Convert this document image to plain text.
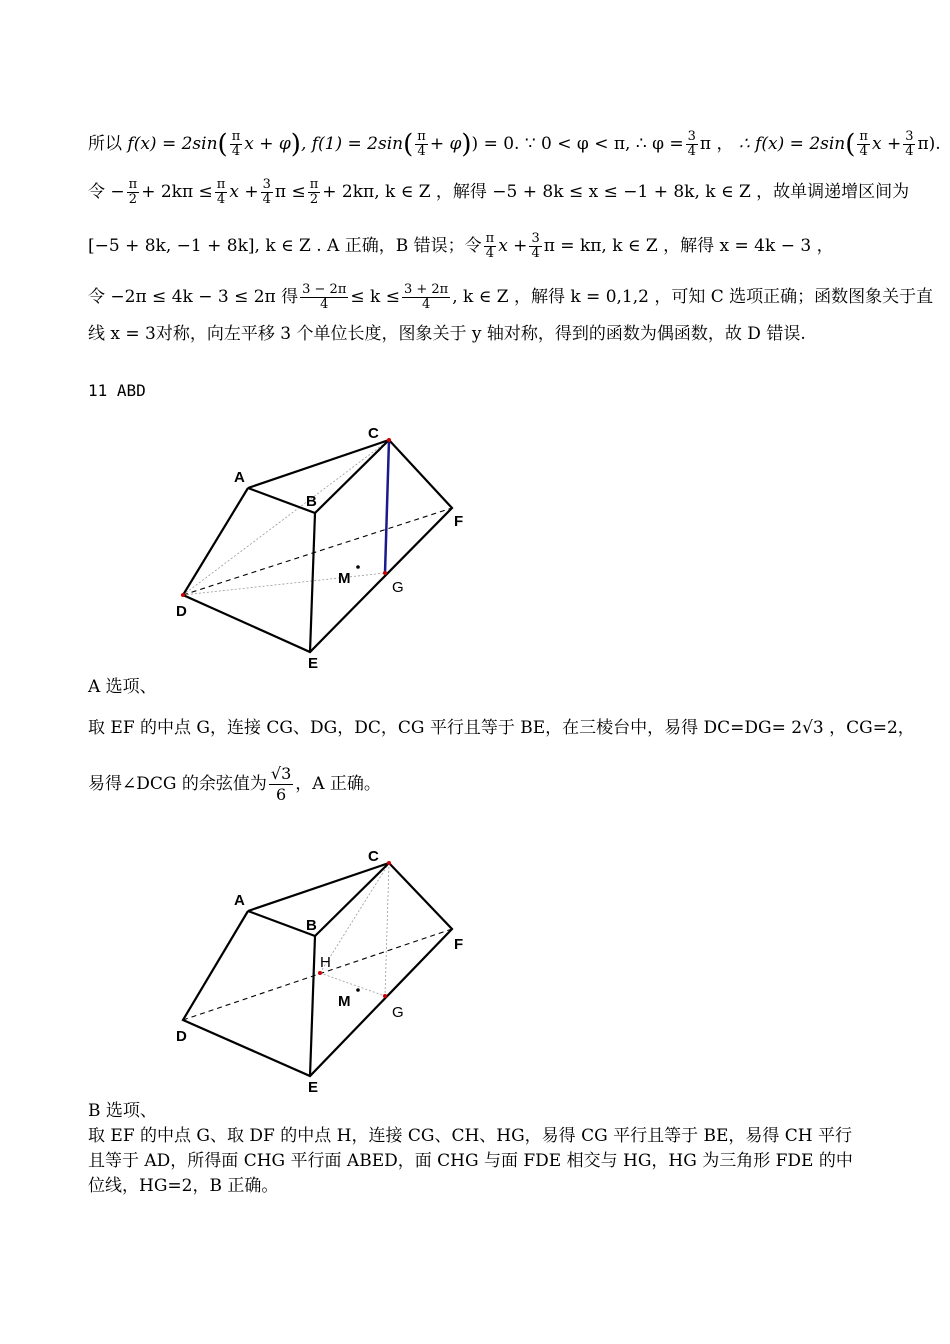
所以 $f(x) = 2\sin( \frac{\pi}{4}$ x + φ), $f(1) = 2\sin( \frac{\pi}{4} + \varphi)) = 0$. ∵ 0 < φ < π, ∴ $\varphi = \frac{3}{4}$ π ， ∴ $f(x) = 2\sin( \frac{\pi}{4}$ $x + \frac{3}{4} \pi$).
令 − $\frac{\pi}{2} + 2k\pi \le \frac{\pi}{4}$ $x + \frac{3}{4}$ $\pi \le \frac{\pi}{2} + 2k\pi$, k ∈ Z ，解得 −5 + 8k ≤ x ≤ −1 + 8k, k ∈ Z ，故单调递增区间为
[−5 + 8k, −1 + 8k], k ∈ Z . A 正确，B 错误；令 $\frac{\pi}{4}$ $x + \frac{3}{4}$ π = kπ, k ∈ Z ，解得 x = 4k − 3 ，
令 −2π ≤ 4k − 3 ≤ 2π 得 $\frac{3 - 2\pi}{4} \le k \le \frac{3 + 2\pi}{4}$ , k ∈ Z ，解得 k = 0,1,2 ，可知 C 选项正确；函数图象关于直
线 x = 3对称，向左平移 3 个单位长度，图象关于 y 轴对称，得到的函数为偶函数，故 D 错误.
11 ABD
A
B
C
D
E
F
G
M
A 选项、
取 EF 的中点 G，连接 CG、DG，DC，CG 平行且等于 BE，在三棱台中，易得 DC=DG= 2√3 ，CG=2，
易得∠DCG 的余弦值为 $\frac{√3}{6}$ ，A 正确。
A
B
C
D
E
F
G
H
M
B 选项、
取 EF 的中点 G、取 DF 的中点 H，连接 CG、CH、HG，易得 CG 平行且等于 BE，易得 CH 平行且等于 AD，所得面 CHG 平行面 ABED，面 CHG 与面 FDE 相交与 HG，HG 为三角形 FDE 的中位线，HG=2，B 正确。
